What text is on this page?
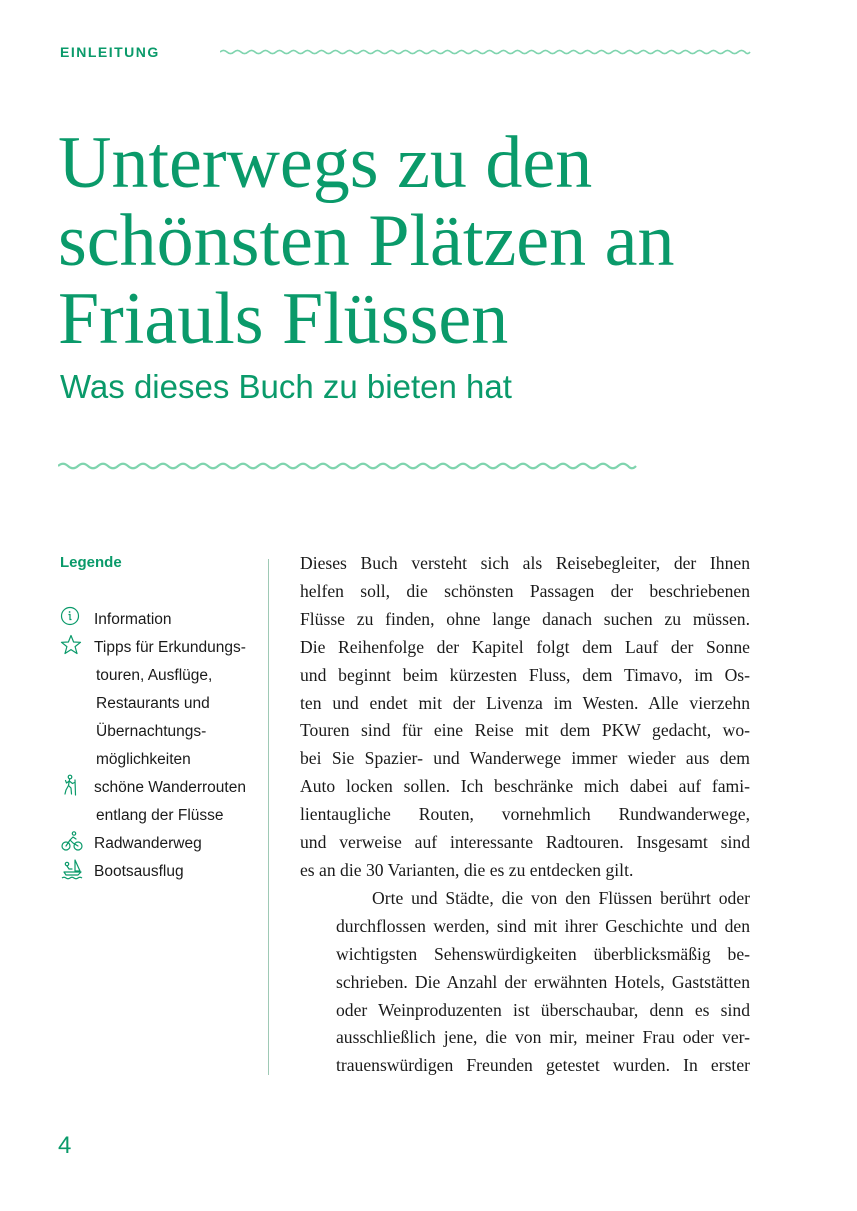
EINLEITUNG
Unterwegs zu den
schönsten Plätzen an
Friauls Flüssen
Was dieses Buch zu bieten hat
Legende
Information
Tipps für Erkundungs-
touren, Ausflüge,
Restaurants und
Übernachtungs-
möglichkeiten
schöne Wanderrouten
entlang der Flüsse
Radwanderweg
Bootsausflug

Dieses Buch versteht sich als Reisebegleiter, der Ihnen
helfen soll, die schönsten Passagen der beschriebenen
Flüsse zu finden, ohne lange danach suchen zu müssen.
Die Reihenfolge der Kapitel folgt dem Lauf der Sonne
und beginnt beim kürzesten Fluss, dem Timavo, im Os-
ten und endet mit der Livenza im Westen. Alle vierzehn
Touren sind für eine Reise mit dem PKW gedacht, wo-
bei Sie Spazier- und Wanderwege immer wieder aus dem
Auto locken sollen. Ich beschränke mich dabei auf fami-
lientaugliche Routen, vornehmlich Rundwanderwege,
und verweise auf interessante Radtouren. Insgesamt sind
es an die 30 Varianten, die es zu entdecken gilt.

Orte und Städte, die von den Flüssen berührt oder
durchflossen werden, sind mit ihrer Geschichte und den
wichtigsten Sehenswürdigkeiten überblicksmäßig be-
schrieben. Die Anzahl der erwähnten Hotels, Gaststätten
oder Weinproduzenten ist überschaubar, denn es sind
ausschließlich jene, die von mir, meiner Frau oder ver-
trauenswürdigen Freunden getestet wurden. In erster

4
